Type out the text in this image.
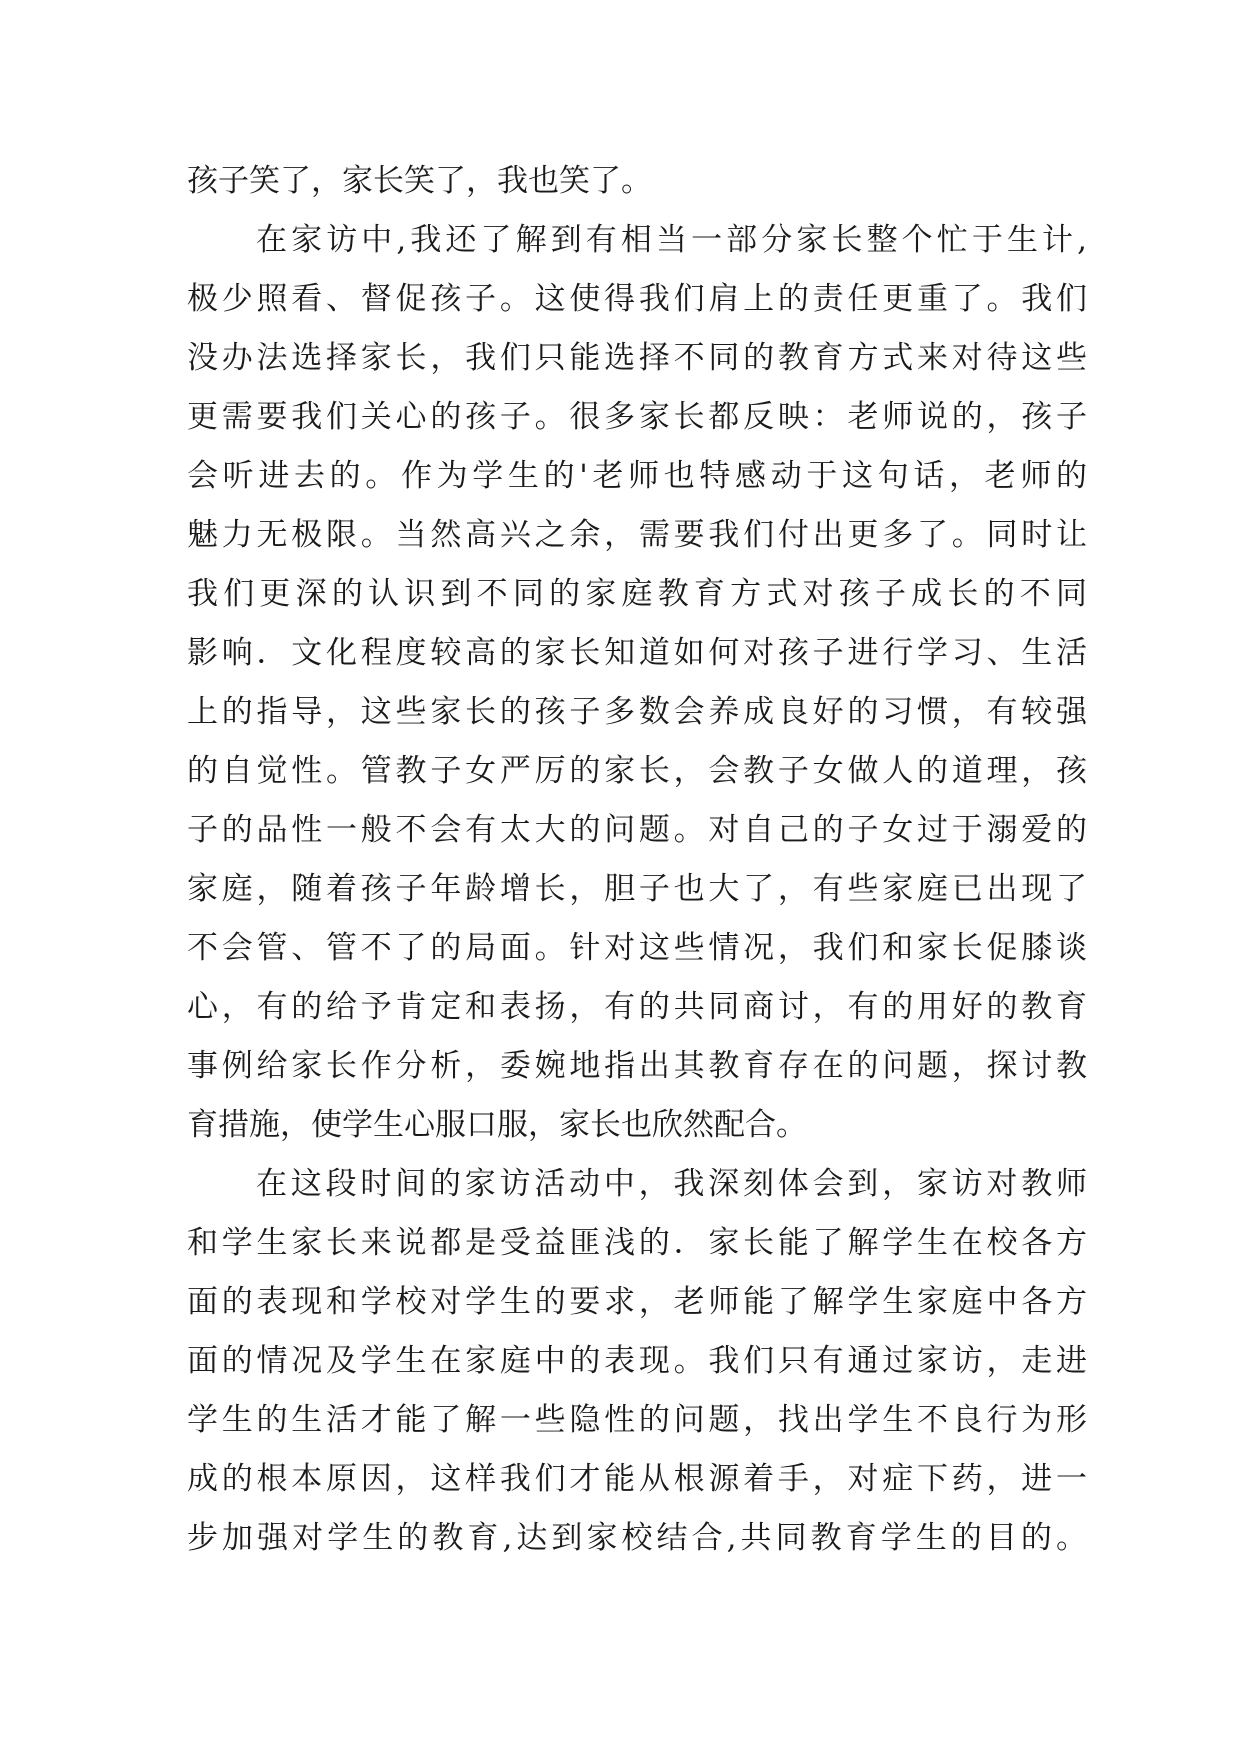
孩子笑了，家长笑了，我也笑了。
在家访中,我还了解到有相当一部分家长整个忙于生计,
极少照看、督促孩子。这使得我们肩上的责任更重了。我们
没办法选择家长，我们只能选择不同的教育方式来对待这些
更需要我们关心的孩子。很多家长都反映：老师说的，孩子
会听进去的。作为学生的'老师也特感动于这句话，老师的
魅力无极限。当然高兴之余，需要我们付出更多了。同时让
我们更深的认识到不同的家庭教育方式对孩子成长的不同
影响．文化程度较高的家长知道如何对孩子进行学习、生活
上的指导，这些家长的孩子多数会养成良好的习惯，有较强
的自觉性。管教子女严厉的家长，会教子女做人的道理，孩
子的品性一般不会有太大的问题。对自己的子女过于溺爱的
家庭，随着孩子年龄增长，胆子也大了，有些家庭已出现了
不会管、管不了的局面。针对这些情况，我们和家长促膝谈
心，有的给予肯定和表扬，有的共同商讨，有的用好的教育
事例给家长作分析，委婉地指出其教育存在的问题，探讨教
育措施，使学生心服口服，家长也欣然配合。
在这段时间的家访活动中，我深刻体会到，家访对教师
和学生家长来说都是受益匪浅的．家长能了解学生在校各方
面的表现和学校对学生的要求，老师能了解学生家庭中各方
面的情况及学生在家庭中的表现。我们只有通过家访，走进
学生的生活才能了解一些隐性的问题，找出学生不良行为形
成的根本原因，这样我们才能从根源着手，对症下药，进一
步加强对学生的教育,达到家校结合,共同教育学生的目的。
